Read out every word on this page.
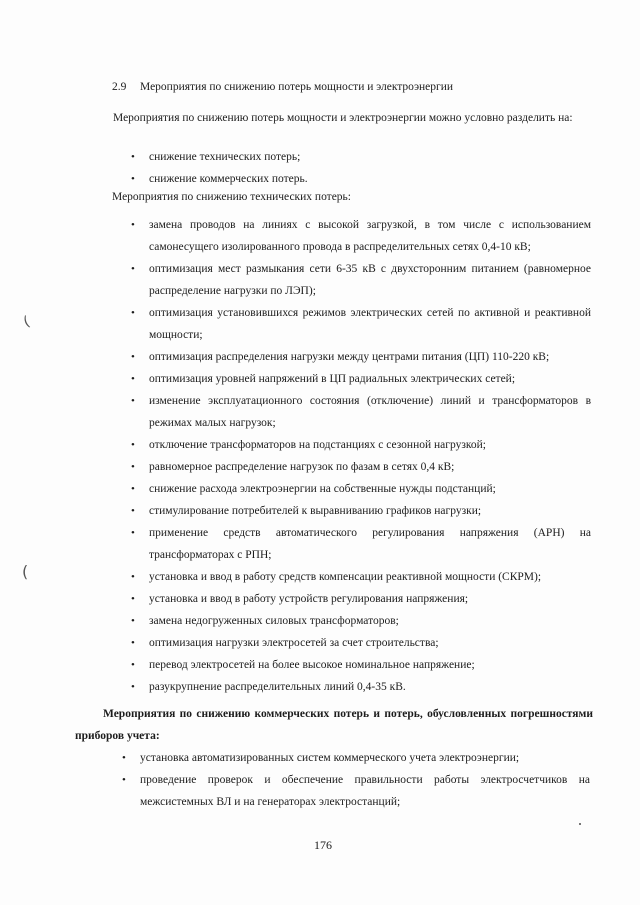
2.9 Мероприятия по снижению потерь мощности и электроэнергии
Мероприятия по снижению потерь мощности и электроэнергии можно условно разделить на:
• снижение технических потерь;
• снижение коммерческих потерь.
Мероприятия по снижению технических потерь:
• замена проводов на линиях с высокой загрузкой, в том числе с использованием самонесущего изолированного провода в распределительных сетях 0,4-10 кВ;
• оптимизация мест размыкания сети 6-35 кВ с двухсторонним питанием (равномерное распределение нагрузки по ЛЭП);
• оптимизация установившихся режимов электрических сетей по активной и реактивной мощности;
• оптимизация распределения нагрузки между центрами питания (ЦП) 110-220 кВ;
• оптимизация уровней напряжений в ЦП радиальных электрических сетей;
• изменение эксплуатационного состояния (отключение) линий и трансформаторов в режимах малых нагрузок;
• отключение трансформаторов на подстанциях с сезонной нагрузкой;
• равномерное распределение нагрузок по фазам в сетях 0,4 кВ;
• снижение расхода электроэнергии на собственные нужды подстанций;
• стимулирование потребителей к выравниванию графиков нагрузки;
• применение средств автоматического регулирования напряжения (АРН) на трансформаторах с РПН;
• установка и ввод в работу средств компенсации реактивной мощности (СКРМ);
• установка и ввод в работу устройств регулирования напряжения;
• замена недогруженных силовых трансформаторов;
• оптимизация нагрузки электросетей за счет строительства;
• перевод электросетей на более высокое номинальное напряжение;
• разукрупнение распределительных линий 0,4-35 кВ.
Мероприятия по снижению коммерческих потерь и потерь, обусловленных погрешностями приборов учета:
• установка автоматизированных систем коммерческого учета электроэнергии;
• проведение проверок и обеспечение правильности работы электросчетчиков на межсистемных ВЛ и на генераторах электростанций;
176
(
(
